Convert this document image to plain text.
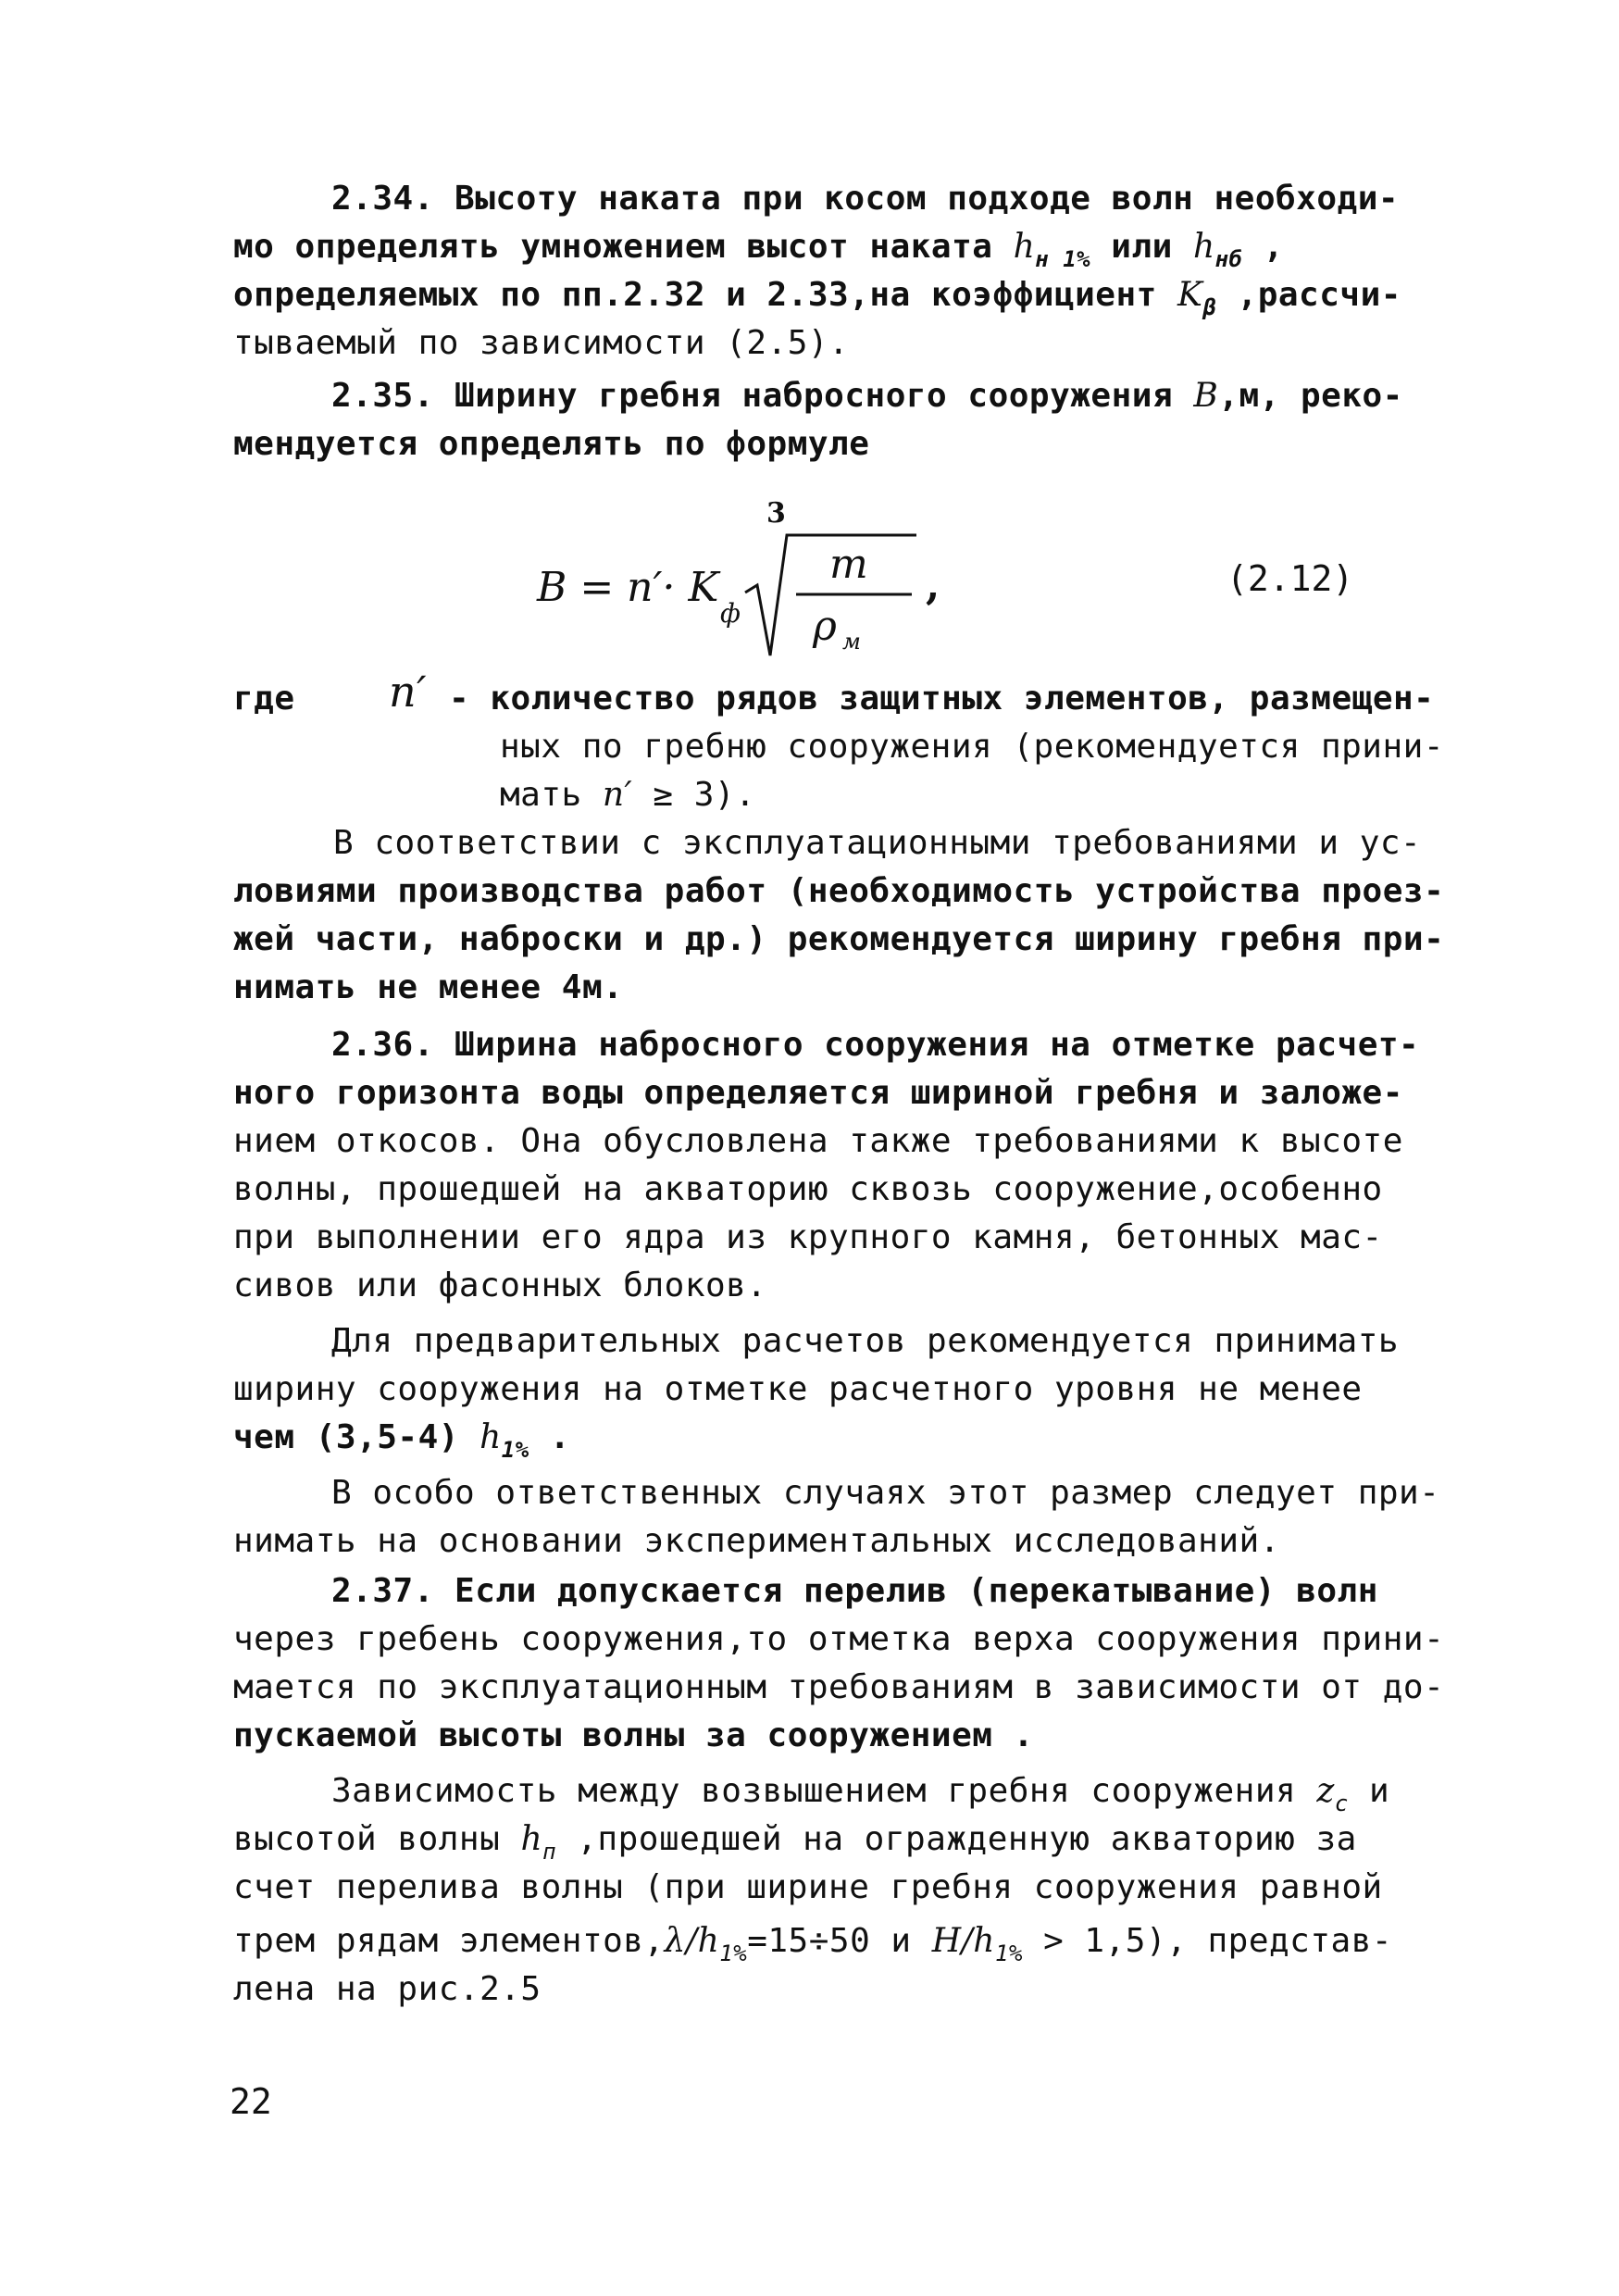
2.34. Высоту наката при косом подходе волн необходи-
мо определять умножением высот наката $h_{н 1\%}$ или $h_{нб}$ ,
определяемых по пп.2.32 и 2.33,на коэффициент $K_\beta$ ,рассчи-
тываемый по зависимости (2.5).
2.35. Ширину гребня набросного сооружения B,м, реко-
мендуется определять по формуле
B = n′· K
ф
3
m
ρ м
,	(2.12)
где n′ - количество рядов защитных элементов, размещен-
ных по гребню сооружения (рекомендуется прини-
мать n′ ≥ 3).
В соответствии с эксплуатационными требованиями и ус-
ловиями производства работ (необходимость устройства проез-
жей части, наброски и др.) рекомендуется ширину гребня при-
нимать не менее 4м.
2.36. Ширина набросного сооружения на отметке расчет-
ного горизонта воды определяется шириной гребня и заложе-
нием откосов. Она обусловлена также требованиями к высоте
волны, прошедшей на акваторию сквозь сооружение,особенно
при выполнении его ядра из крупного камня, бетонных мас-
сивов или фасонных блоков.
Для предварительных расчетов рекомендуется принимать
ширину сооружения на отметке расчетного уровня не менее
чем (3,5-4) $h_{1\%}$ .
В особо ответственных случаях этот размер следует при-
нимать на основании экспериментальных исследований.
2.37. Если допускается перелив (перекатывание) волн
через гребень сооружения,то отметка верха сооружения прини-
мается по эксплуатационным требованиям в зависимости от до-
пускаемой высоты волны за сооружением .
Зависимость между возвышением гребня сооружения $z_с$ и
высотой волны $h_п$ ,прошедшей на огражденную акваторию за
счет перелива волны (при ширине гребня сооружения равной
трем рядам $элементов,\lambda/h_{1\%}=15\div 50$ и $H/h_{1\%} > 1,5$), представ-
лена на рис.2.5
22
